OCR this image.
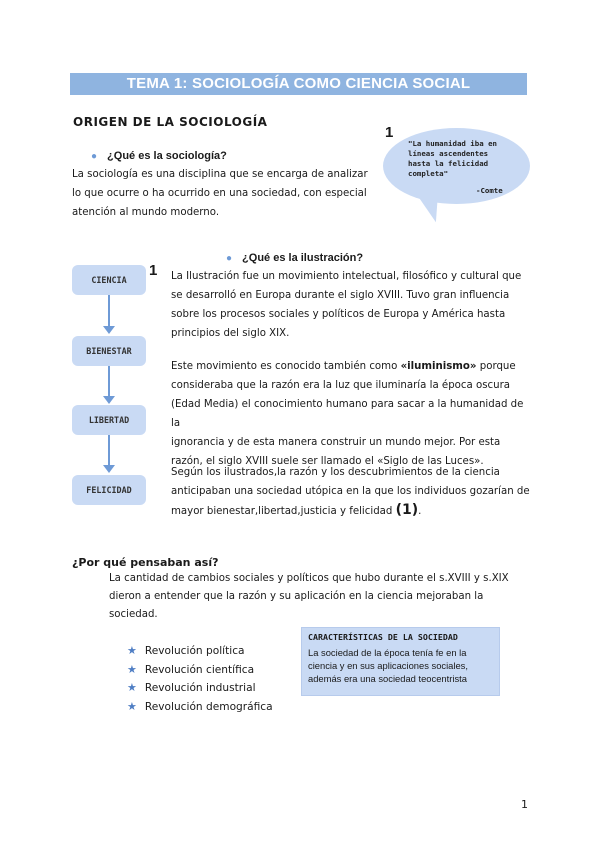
TEMA 1: SOCIOLOGÍA COMO CIENCIA SOCIAL
ORIGEN DE LA SOCIOLOGÍA
● ¿Qué es la sociología?
La sociología es una disciplina que se encarga de analizar
lo que ocurre o ha ocurrido en una sociedad, con especial
atención al mundo moderno.
1
"La humanidad iba en
líneas ascendentes
hasta la felicidad
completa"
-Comte
● ¿Qué es la ilustración?
1 La Ilustración fue un movimiento intelectual, filosófico y cultural que
se desarrolló en Europa durante el siglo XVIII. Tuvo gran influencia
sobre los procesos sociales y políticos de Europa y América hasta
principios del siglo XIX.
Este movimiento es conocido también como «iluminismo» porque
consideraba que la razón era la luz que iluminaría la época oscura
(Edad Media) el conocimiento humano para sacar a la humanidad de la
ignorancia y de esta manera construir un mundo mejor. Por esta
razón, el siglo XVIII suele ser llamado el «Siglo de las Luces».
Según los ilustrados,la razón y los descubrimientos de la ciencia
anticipaban una sociedad utópica en la que los individuos gozarían de
mayor bienestar,libertad,justicia y felicidad (1).
CIENCIA
BIENESTAR
LIBERTAD
FELICIDAD
¿Por qué pensaban así?
La cantidad de cambios sociales y políticos que hubo durante el s.XVIII y s.XIX
dieron a entender que la razón y su aplicación en la ciencia mejoraban la
sociedad.
★ Revolución política
★ Revolución científica
★ Revolución industrial
★ Revolución demográfica
CARACTERÍSTICAS DE LA SOCIEDAD
La sociedad de la época tenía fe en la
ciencia y en sus aplicaciones sociales,
además era una sociedad teocentrista
1
